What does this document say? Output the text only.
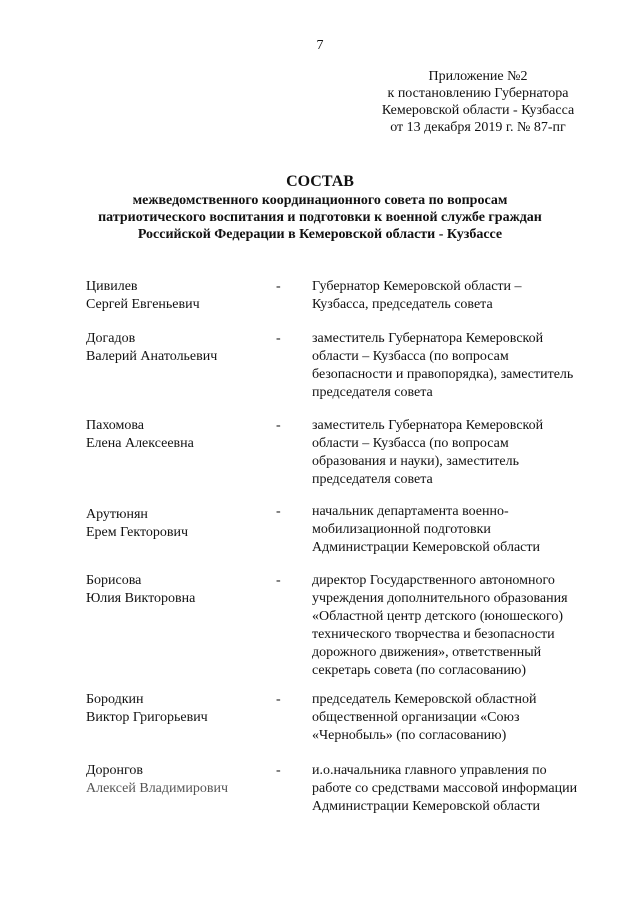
7
Приложение №2
к постановлению Губернатора
Кемеровской области - Кузбасса
от 13 декабря 2019 г. № 87-пг
СОСТАВ
межведомственного координационного совета по вопросам
патриотического воспитания и подготовки к военной службе граждан
Российской Федерации в Кемеровской области - Кузбассе
Цивилев
Сергей Евгеньевич
- Губернатор Кемеровской области –
Кузбасса, председатель совета
Догадов
Валерий Анатольевич
- заместитель Губернатора Кемеровской
области – Кузбасса (по вопросам
безопасности и правопорядка), заместитель
председателя совета
Пахомова
Елена Алексеевна
- заместитель Губернатора Кемеровской
области – Кузбасса (по вопросам
образования и науки), заместитель
председателя совета
Арутюнян
Ерем Гекторович
- начальник департамента военно-
мобилизационной подготовки
Администрации Кемеровской области
Борисова
Юлия Викторовна
- директор Государственного автономного
учреждения дополнительного образования
«Областной центр детского (юношеского)
технического творчества и безопасности
дорожного движения», ответственный
секретарь совета (по согласованию)
Бородкин
Виктор Григорьевич
- председатель Кемеровской областной
общественной организации «Союз
«Чернобыль» (по согласованию)
Доронгов
Алексей Владимирович
- и.о.начальника главного управления по
работе со средствами массовой информации
Администрации Кемеровской области
